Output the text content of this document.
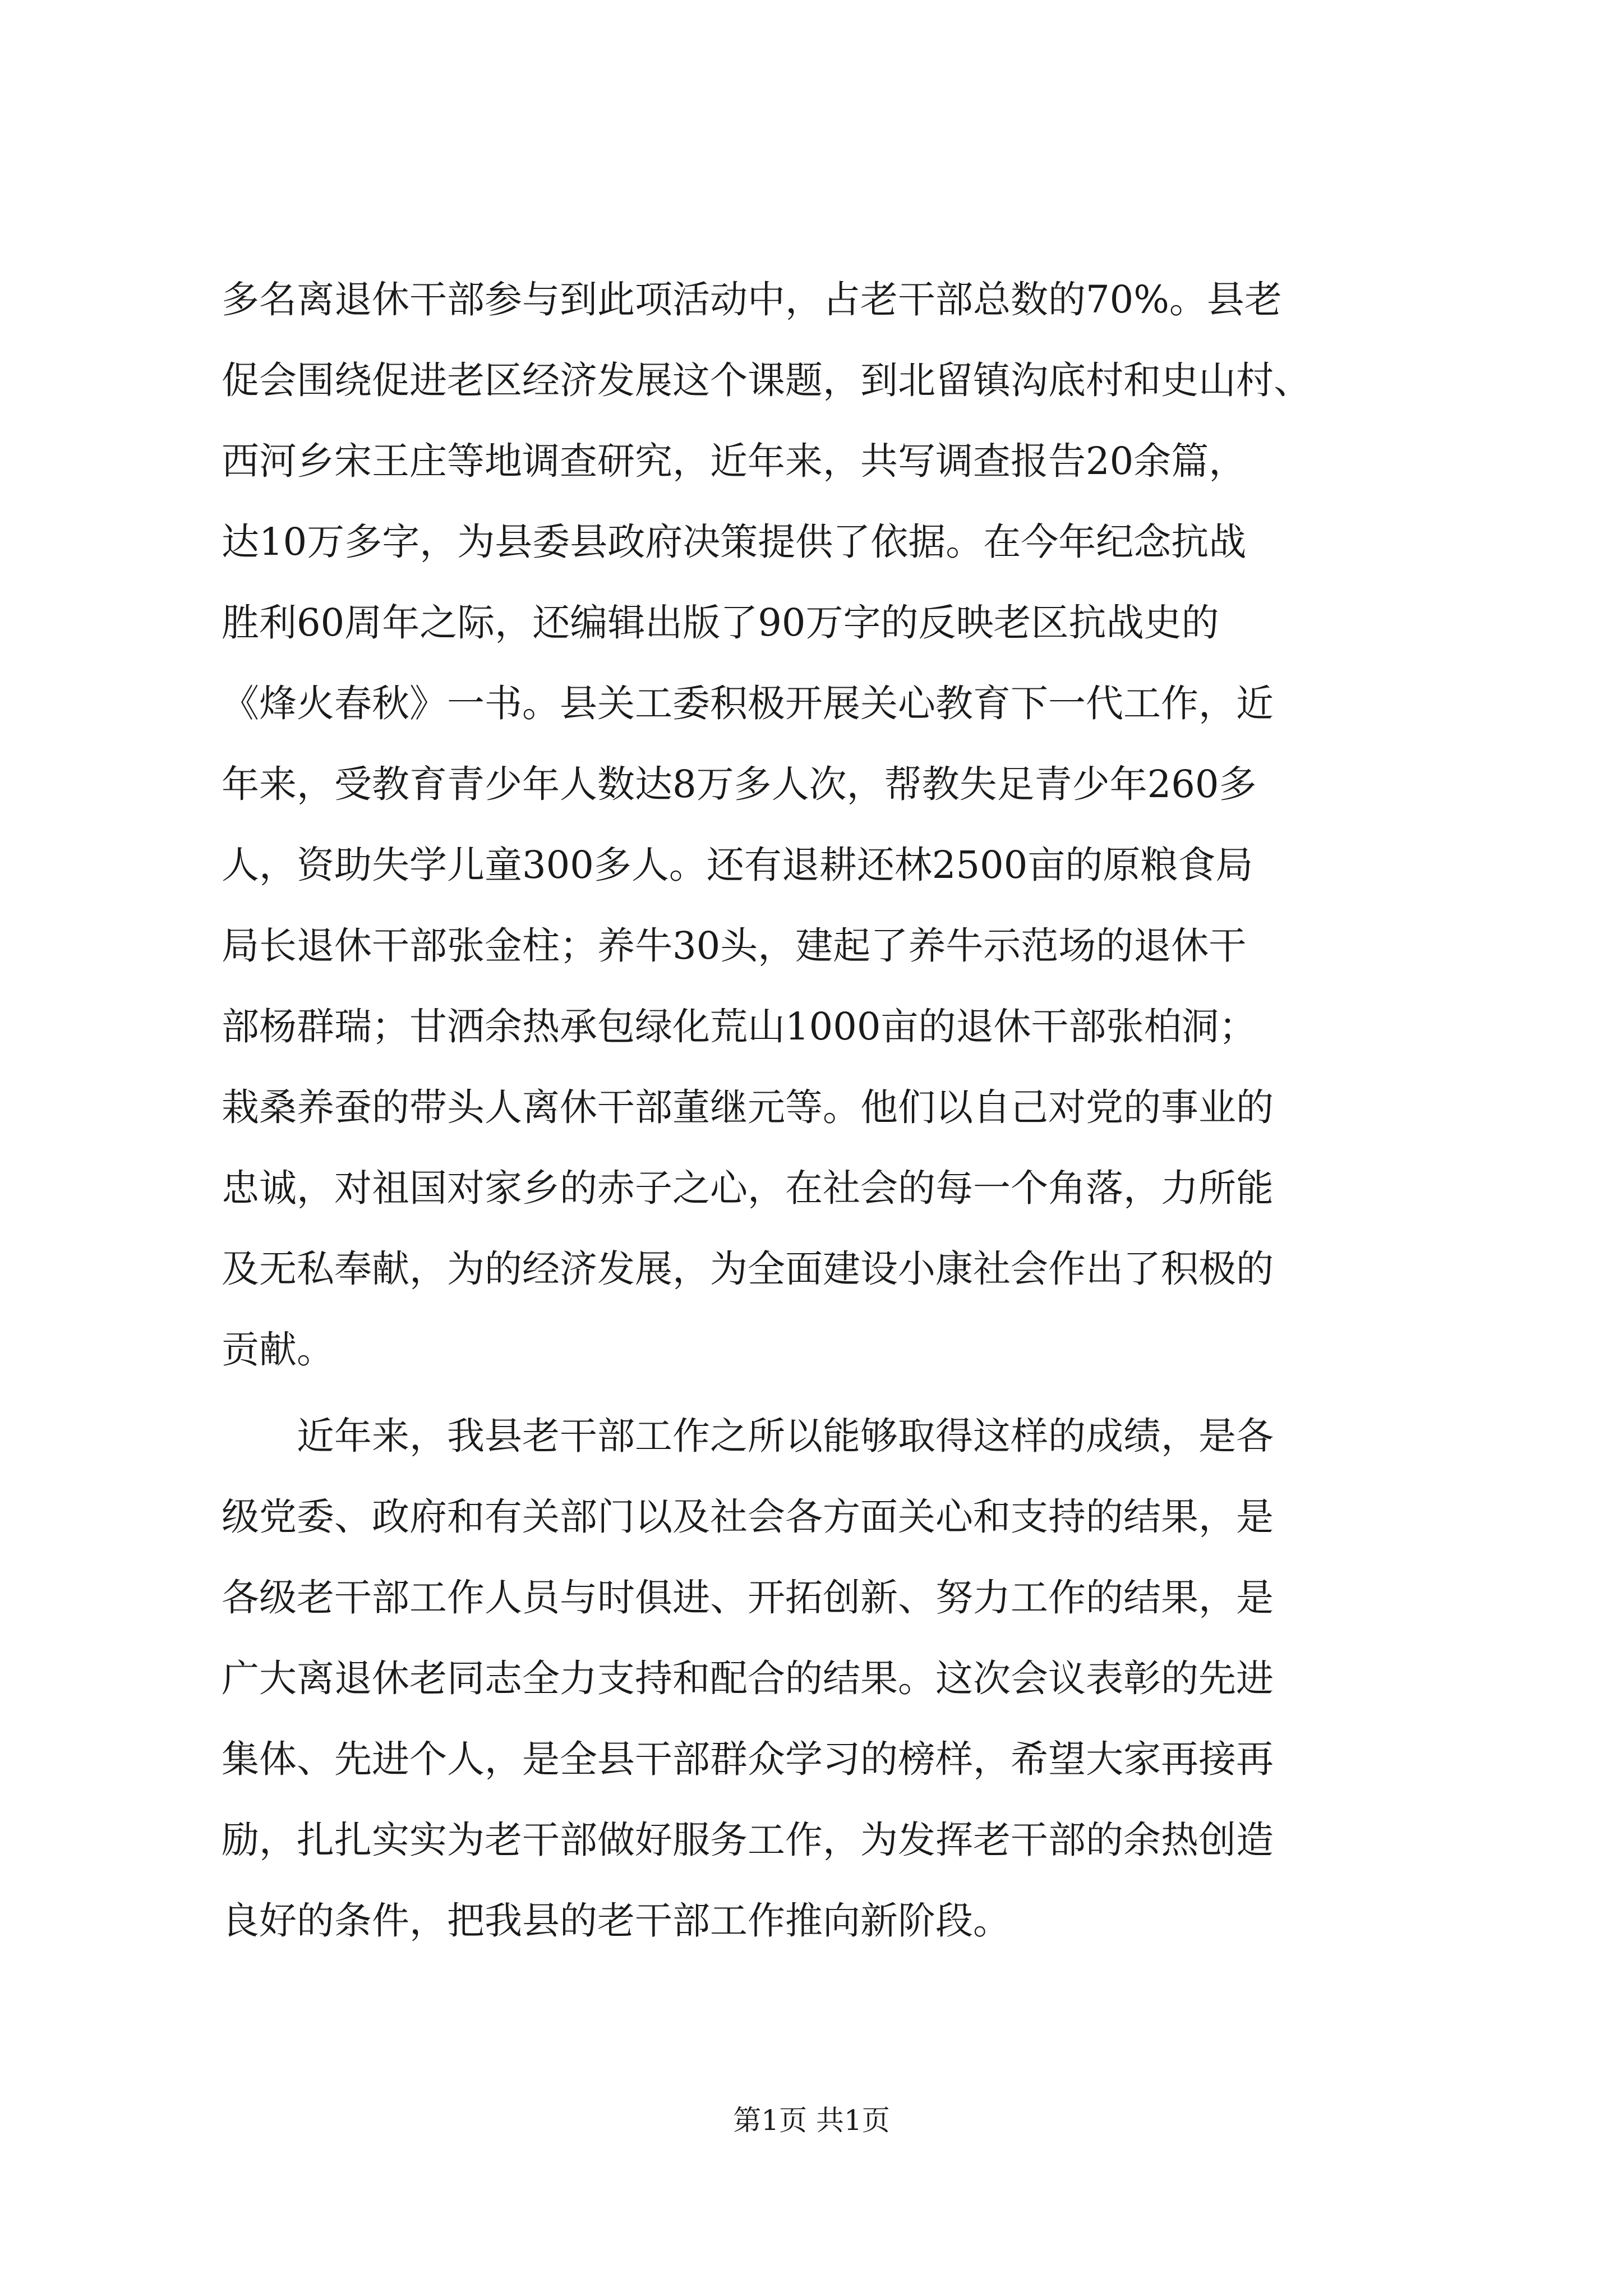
多名离退休干部参与到此项活动中，占老干部总数的70%。县老
促会围绕促进老区经济发展这个课题，到北留镇沟底村和史山村、
西河乡宋王庄等地调查研究，近年来，共写调查报告20余篇，
达10万多字，为县委县政府决策提供了依据。在今年纪念抗战
胜利60周年之际，还编辑出版了90万字的反映老区抗战史的
《烽火春秋》一书。县关工委积极开展关心教育下一代工作，近
年来，受教育青少年人数达8万多人次，帮教失足青少年260多
人，资助失学儿童300多人。还有退耕还林2500亩的原粮食局
局长退休干部张金柱；养牛30头，建起了养牛示范场的退休干
部杨群瑞；甘洒余热承包绿化荒山1000亩的退休干部张柏洞；
栽桑养蚕的带头人离休干部董继元等。他们以自己对党的事业的
忠诚，对祖国对家乡的赤子之心，在社会的每一个角落，力所能
及无私奉献，为的经济发展，为全面建设小康社会作出了积极的
贡献。
近年来，我县老干部工作之所以能够取得这样的成绩，是各
级党委、政府和有关部门以及社会各方面关心和支持的结果，是
各级老干部工作人员与时俱进、开拓创新、努力工作的结果，是
广大离退休老同志全力支持和配合的结果。这次会议表彰的先进
集体、先进个人，是全县干部群众学习的榜样，希望大家再接再
励，扎扎实实为老干部做好服务工作，为发挥老干部的余热创造
良好的条件，把我县的老干部工作推向新阶段。
第1页 共1页
